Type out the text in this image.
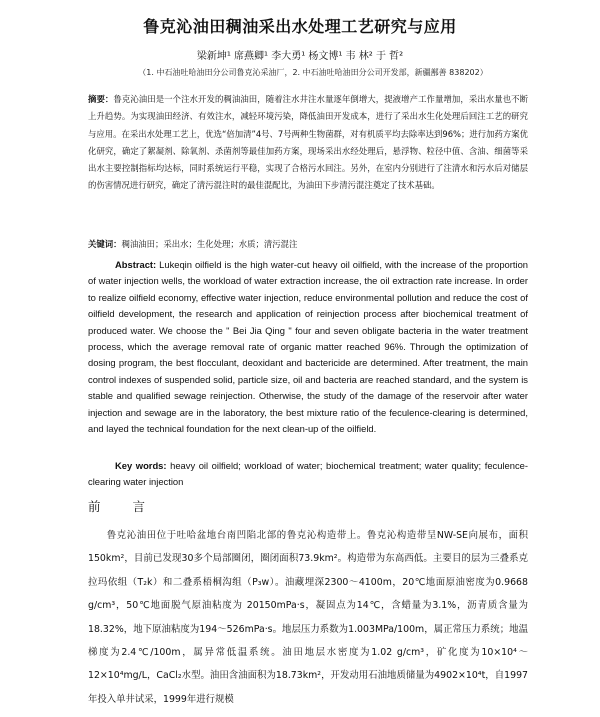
鲁克沁油田稠油采出水处理工艺研究与应用
梁新坤¹ 席燕卿¹ 李大勇¹ 杨文博¹ 韦 林² 于 哲²
（1. 中石油吐哈油田分公司鲁克沁采油厂，2. 中石油吐哈油田分公司开发部，新疆鄯善 838202）
摘要：鲁克沁油田是一个注水开发的稠油油田，随着注水井注水量逐年倒增大，提液增产工作量增加，采出水量也不断上升趋势。为实现油田经济、有效注水，减轻环境污染，降低油田开发成本，进行了采出水生化处理后回注工艺的研究与应用。在采出水处理工艺上，优选“倍加清”4号、7号两种生物菌群，对有机质平均去除率达到96%；进行加药方案优化研究，确定了絮凝剂、除氧剂、杀菌剂等最佳加药方案，现场采出水经处理后，悬浮物、粒径中值、含油、细菌等采出水主要控制指标均达标，同时系统运行平稳，实现了合格污水回注。另外，在室内分别进行了注清水和污水后对储层的伤害情况进行研究，确定了清污混注时的最佳混配比，为油田下步清污混注奠定了技术基础。
关键词：稠油油田；采出水；生化处理；水质；清污混注
Abstract: Lukeqin oilfield is the high water-cut heavy oil oilfield, with the increase of the proportion of water injection wells, the workload of water extraction increase, the oil extraction rate increase. In order to realize oilfield economy, effective water injection, reduce environmental pollution and reduce the cost of oilfield development, the research and application of reinjection process after biochemical treatment of produced water. We choose the " Bei Jia Qing " four and seven obligate bacteria in the water treatment process, which the average removal rate of organic matter reached 96%. Through the optimization of dosing program, the best flocculant, deoxidant and bactericide are determined. After treatment, the main control indexes of suspended solid, particle size, oil and bacteria are reached standard, and the system is stable and qualified sewage reinjection. Otherwise, the study of the damage of the reservoir after water injection and sewage are in the laboratory, the best mixture ratio of the feculence-clearing is determined, and layed the technical foundation for the next clean-up of the oilfield.
Key words: heavy oil oilfield; workload of water; biochemical treatment; water quality; feculence-clearing water injection
前 言
鲁克沁油田位于吐哈盆地台南凹陷北部的鲁克沁构造带上。鲁克沁构造带呈NW-SE向展布，面积150km²，目前已发现30多个局部圈闭，圈闭面积73.9km²。构造带为东高西低。主要目的层为三叠系克拉玛依组（T₂k）和二叠系梧桐沟组（P₃w）。油藏埋深2300～4100m，20℃地面原油密度为0.9668 g/cm³，50℃地面脱气原油粘度为 20150mPa·s，凝固点为14℃，含蜡量为3.1%，沥青质含量为18.32%，地下原油粘度为194～526mPa·s。地层压力系数为1.003MPa/100m，属正常压力系统；地温梯度为2.4℃/100m，属异常低温系统。油田地层水密度为1.02 g/cm³，矿化度为10×10⁴～12×10⁴mg/L，CaCl₂水型。油田含油面积为18.73km²，开发动用石油地质储量为4902×10⁴t，自1997年投入单井试采，1999年进行规模
